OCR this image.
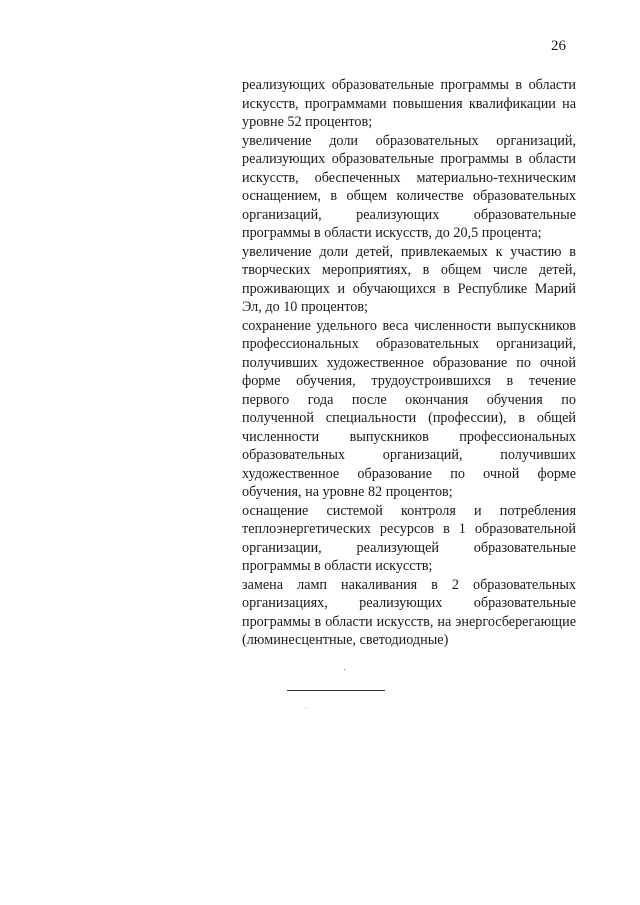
26

реализующих образовательные программы в области искусств, программами повышения квалификации на уровне 52 процентов;

увеличение доли образовательных организаций, реализующих образовательные программы в области искусств, обеспеченных материально-техническим оснащением, в общем количестве образовательных организаций, реализующих образовательные программы в области искусств, до 20,5 процента;

увеличение доли детей, привлекаемых к участию в творческих мероприятиях, в общем числе детей, проживающих и обучающихся в Республике Марий Эл, до 10 процентов;

сохранение удельного веса численности выпускников профессиональных образовательных организаций, получивших художественное образование по очной форме обучения, трудоустроившихся в течение первого года после окончания обучения по полученной специальности (профессии), в общей численности выпускников профессиональных образовательных организаций, получивших художественное образование по очной форме обучения, на уровне 82 процентов;

оснащение системой контроля и потребления теплоэнергетических ресурсов в 1 образовательной организации, реализующей образовательные программы в области искусств;

замена ламп накаливания в 2 образовательных организациях, реализующих образовательные программы в области искусств, на энергосберегающие (люминесцентные, светодиодные)
